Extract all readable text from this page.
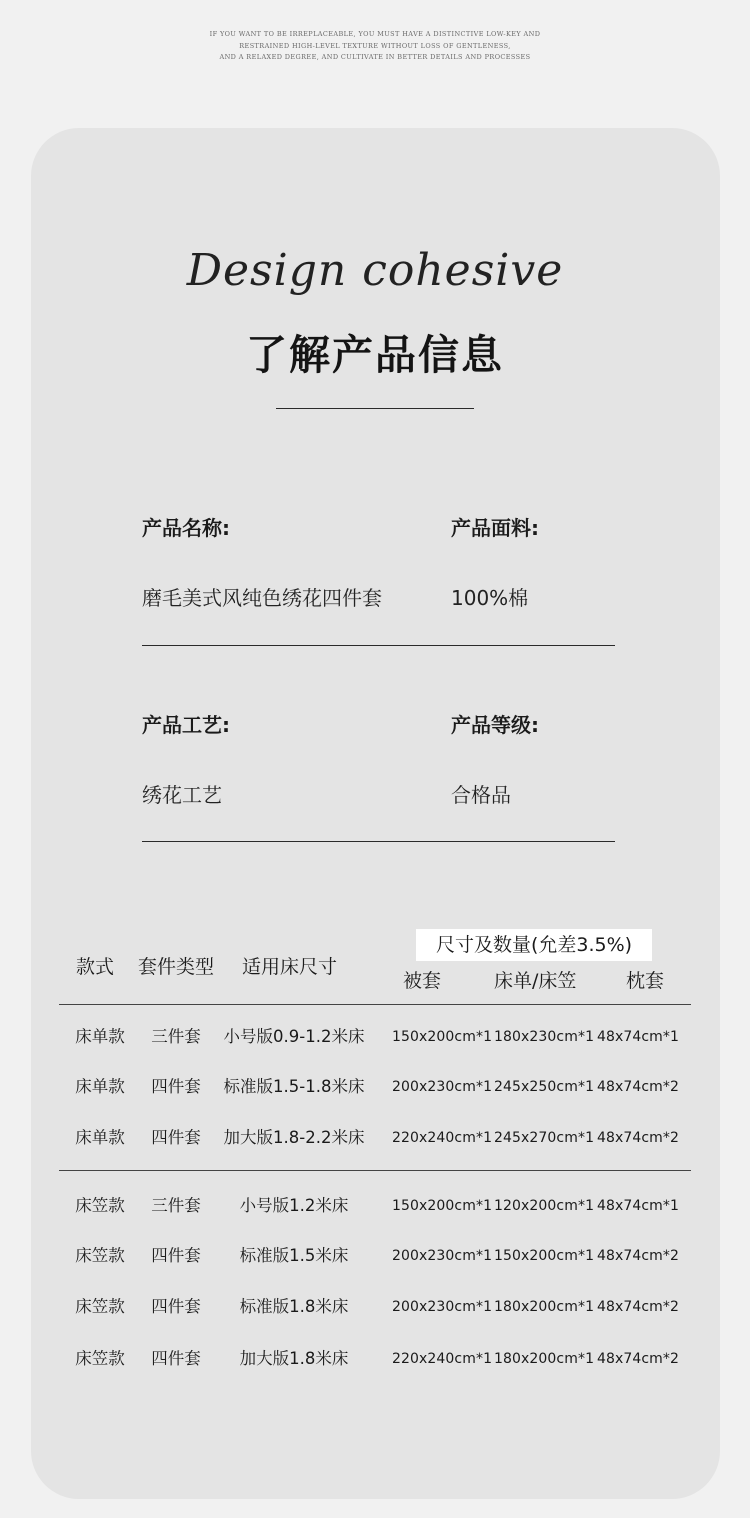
IF YOU WANT TO BE IRREPLACEABLE, YOU MUST HAVE A DISTINCTIVE LOW-KEY AND
RESTRAINED HIGH-LEVEL TEXTURE WITHOUT LOSS OF GENTLENESS,
AND A RELAXED DEGREE, AND CULTIVATE IN BETTER DETAILS AND PROCESSES
Design cohesive
了解产品信息
产品名称:	产品面料:
磨毛美式风纯色绣花四件套	100%棉
产品工艺:	产品等级:
绣花工艺	合格品
款式 套件类型 适用床尺寸
尺寸及数量(允差3.5%)
被套	床单/床笠	枕套
床单款 三件套	小号版0.9-1.2米床	150x200cm*1 180x230cm*1 48x74cm*1
床单款 四件套	标准版1.5-1.8米床	200x230cm*1 245x250cm*1 48x74cm*2
床单款 四件套	加大版1.8-2.2米床	220x240cm*1 245x270cm*1 48x74cm*2
床笠款 三件套	小号版1.2米床	150x200cm*1 120x200cm*1 48x74cm*1
床笠款 四件套	标准版1.5米床	200x230cm*1 150x200cm*1 48x74cm*2
床笠款 四件套	标准版1.8米床	200x230cm*1 180x200cm*1 48x74cm*2
床笠款 四件套	加大版1.8米床	220x240cm*1 180x200cm*1 48x74cm*2
